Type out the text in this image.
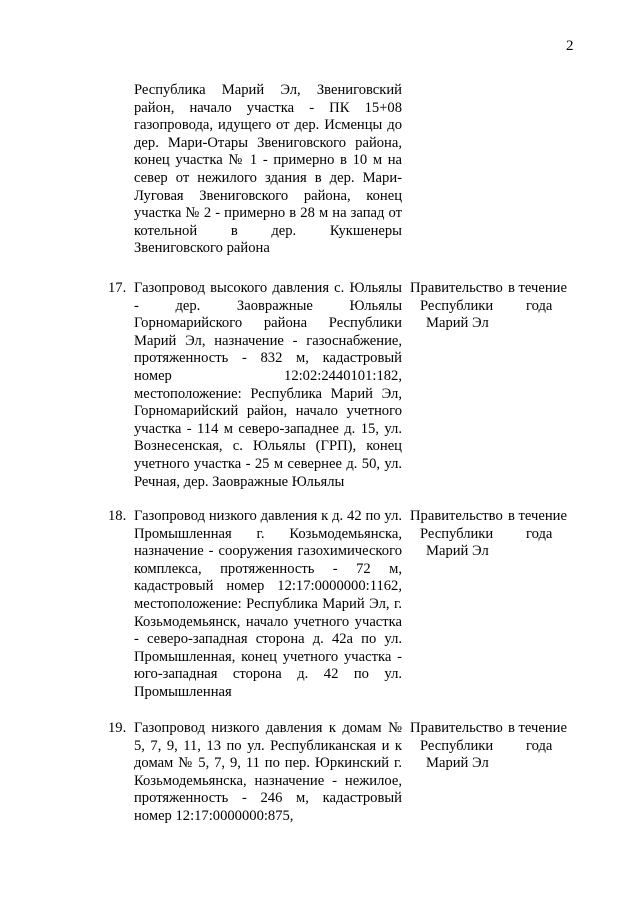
2
Республика Марий Эл, Звениговский район, начало участка - ПК 15+08 газопровода, идущего от дер. Исменцы до дер. Мари-Отары Звениговского района, конец участка № 1 - примерно в 10 м на север от нежилого здания в дер. Мари-Луговая Звениговского района, конец участка № 2 - примерно в 28 м на запад от котельной в дер. Кукшенеры Звениговского района
17. Газопровод высокого давления с. Юльялы - дер. Заовражные Юльялы Горномарийского района Республики Марий Эл, назначение - газоснабжение, протяженность - 832 м, кадастровый номер 12:02:2440101:182, местоположение: Республика Марий Эл, Горномарийский район, начало учетного участка - 114 м северо-западнее д. 15, ул. Вознесенская, с. Юльялы (ГРП), конец учетного участка - 25 м севернее д. 50, ул. Речная, дер. Заовражные Юльялы
Правительство
Республики
Марий Эл
в течение
года
18. Газопровод низкого давления к д. 42 по ул. Промышленная г. Козьмодемьянска, назначение - сооружения газохимического комплекса, протяженность - 72 м, кадастровый номер 12:17:0000000:1162, местоположение: Республика Марий Эл, г. Козьмодемьянск, начало учетного участка - северо-западная сторона д. 42а по ул. Промышленная, конец учетного участка - юго-западная сторона д. 42 по ул. Промышленная
Правительство
Республики
Марий Эл
в течение
года
19. Газопровод низкого давления к домам № 5, 7, 9, 11, 13 по ул. Республиканская и к домам № 5, 7, 9, 11 по пер. Юркинский г. Козьмодемьянска, назначение - нежилое, протяженность - 246 м, кадастровый номер 12:17:0000000:875,
Правительство
Республики
Марий Эл
в течение
года
